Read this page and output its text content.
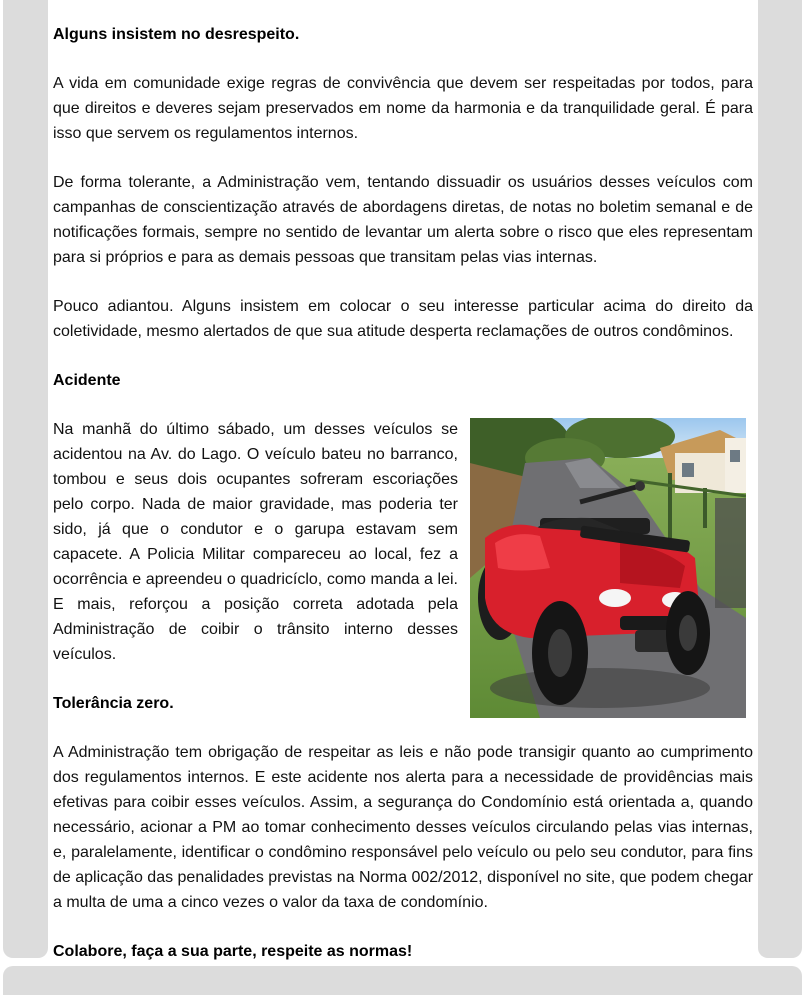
Alguns insistem no desrespeito.

A vida em comunidade exige regras de convivência que devem ser respeitadas por todos, para que direitos e deveres sejam preservados em nome da harmonia e da tranquilidade geral. É para isso que servem os regulamentos internos.

De forma tolerante, a Administração vem, tentando dissuadir os usuários desses veículos com campanhas de conscientização através de abordagens diretas, de notas no boletim semanal e de notificações formais, sempre no sentido de levantar um alerta sobre o risco que eles representam para si próprios e para as demais pessoas que transitam pelas vias internas.

Pouco adiantou. Alguns insistem em colocar o seu interesse particular acima do direito da coletividade, mesmo alertados de que sua atitude desperta reclamações de outros condôminos.

Acidente

Na manhã do último sábado, um desses veículos se acidentou na Av. do Lago. O veículo bateu no barranco, tombou e seus dois ocupantes sofreram escoriações pelo corpo. Nada de maior gravidade, mas poderia ter sido, já que o condutor e o garupa estavam sem capacete. A Policia Militar compareceu ao local, fez a ocorrência e apreendeu o quadricíclo, como manda a lei. E mais, reforçou a posição correta adotada pela Administração de coibir o trânsito interno desses veículos.

Tolerância zero.

A Administração tem obrigação de respeitar as leis e não pode transigir quanto ao cumprimento dos regulamentos internos. E este acidente nos alerta para a necessidade de providências mais efetivas para coibir esses veículos. Assim, a segurança do Condomínio está orientada a, quando necessário, acionar a PM ao tomar conhecimento desses veículos circulando pelas vias internas, e, paralelamente, identificar o condômino responsável pelo veículo ou pelo seu condutor, para fins de aplicação das penalidades previstas na Norma 002/2012, disponível no site, que podem chegar a multa de uma a cinco vezes o valor da taxa de condomínio.

Colabore, faça a sua parte, respeite as normas!
